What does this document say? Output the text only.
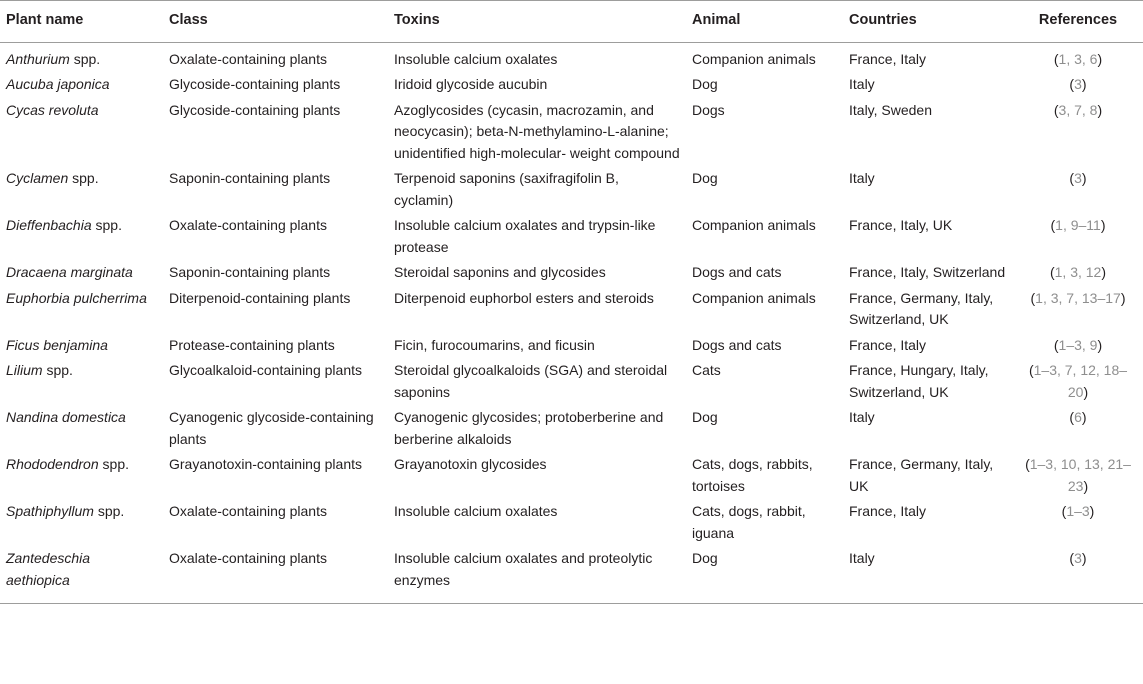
Plant name	Class	Toxins	Animal	Countries	References
Anthurium spp.	Oxalate-containing plants	Insoluble calcium oxalates	Companion animals	France, Italy	(1, 3, 6)
Aucuba japonica	Glycoside-containing plants	Iridoid glycoside aucubin	Dog	Italy	(3)
Cycas revoluta	Glycoside-containing plants	Azoglycosides (cycasin, macrozamin, and neocycasin); beta-N-methylamino-L-alanine; unidentified high-molecular- weight compound	Dogs	Italy, Sweden	(3, 7, 8)
Cyclamen spp.	Saponin-containing plants	Terpenoid saponins (saxifragifolin B, cyclamin)	Dog	Italy	(3)
Dieffenbachia spp.	Oxalate-containing plants	Insoluble calcium oxalates and trypsin-like protease	Companion animals	France, Italy, UK	(1, 9–11)
Dracaena marginata	Saponin-containing plants	Steroidal saponins and glycosides	Dogs and cats	France, Italy, Switzerland	(1, 3, 12)
Euphorbia pulcherrima	Diterpenoid-containing plants	Diterpenoid euphorbol esters and steroids	Companion animals	France, Germany, Italy, Switzerland, UK	(1, 3, 7, 13–17)
Ficus benjamina	Protease-containing plants	Ficin, furocoumarins, and ficusin	Dogs and cats	France, Italy	(1–3, 9)
Lilium spp.	Glycoalkaloid-containing plants	Steroidal glycoalkaloids (SGA) and steroidal saponins	Cats	France, Hungary, Italy, Switzerland, UK	(1–3, 7, 12, 18–20)
Nandina domestica	Cyanogenic glycoside-containing plants	Cyanogenic glycosides; protoberberine and berberine alkaloids	Dog	Italy	(6)
Rhododendron spp.	Grayanotoxin-containing plants	Grayanotoxin glycosides	Cats, dogs, rabbits, tortoises	France, Germany, Italy, UK	(1–3, 10, 13, 21–23)
Spathiphyllum spp.	Oxalate-containing plants	Insoluble calcium oxalates	Cats, dogs, rabbit, iguana	France, Italy	(1–3)
Zantedeschia aethiopica	Oxalate-containing plants	Insoluble calcium oxalates and proteolytic enzymes	Dog	Italy	(3)
